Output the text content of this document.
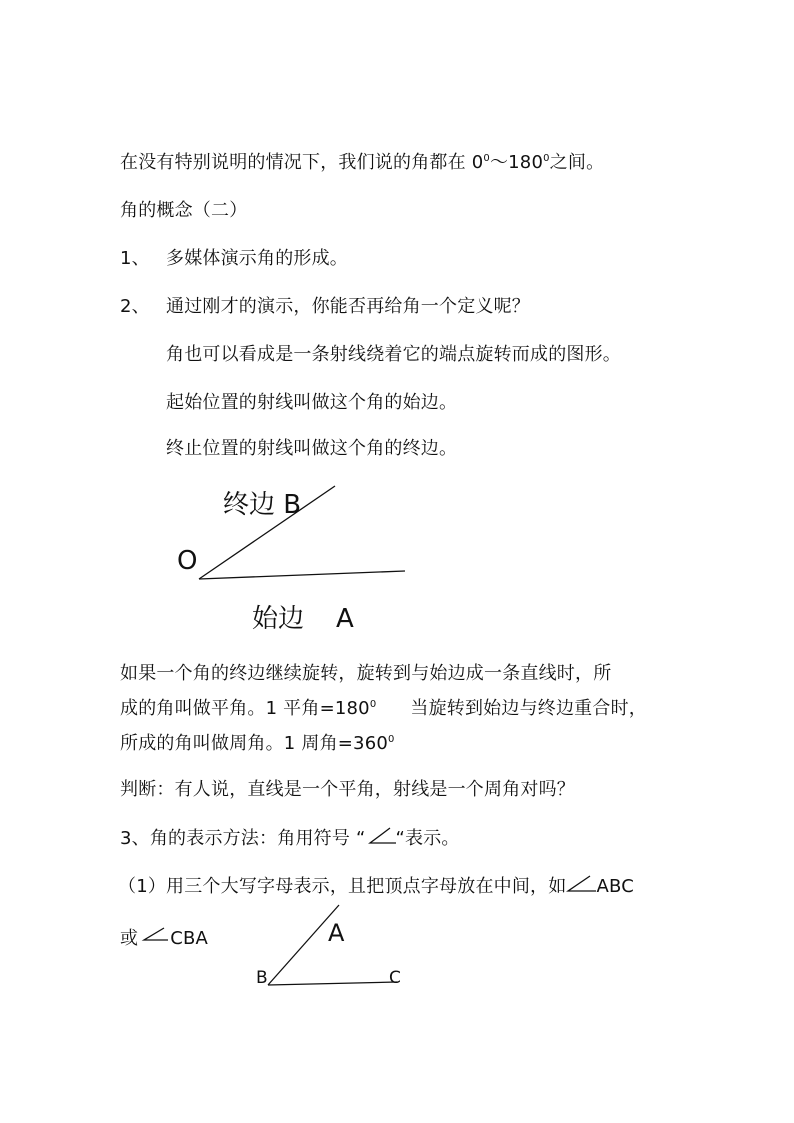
在没有特别说明的情况下，我们说的角都在 $0^0\sim 180^0$之间。
角的概念（二）
1、 多媒体演示角的形成。
2、 通过刚才的演示，你能否再给角一个定义呢？
角也可以看成是一条射线绕着它的端点旋转而成的图形。
起始位置的射线叫做这个角的始边。
终止位置的射线叫做这个角的终边。
终边 B
O
始边 A
如果一个角的终边继续旋转，旋转到与始边成一条直线时，所
成的角叫做平角。1 平角$=180^0$ 当旋转到始边与终边重合时，
所成的角叫做周角。1 周角$=360^0$
判断：有人说，直线是一个平角，射线是一个周角对吗？
3、角的表示方法：角用符号 “ “表示。
（1）用三个大写字母表示，且把顶点字母放在中间，如 ABC
或 CBA	A
B	C
